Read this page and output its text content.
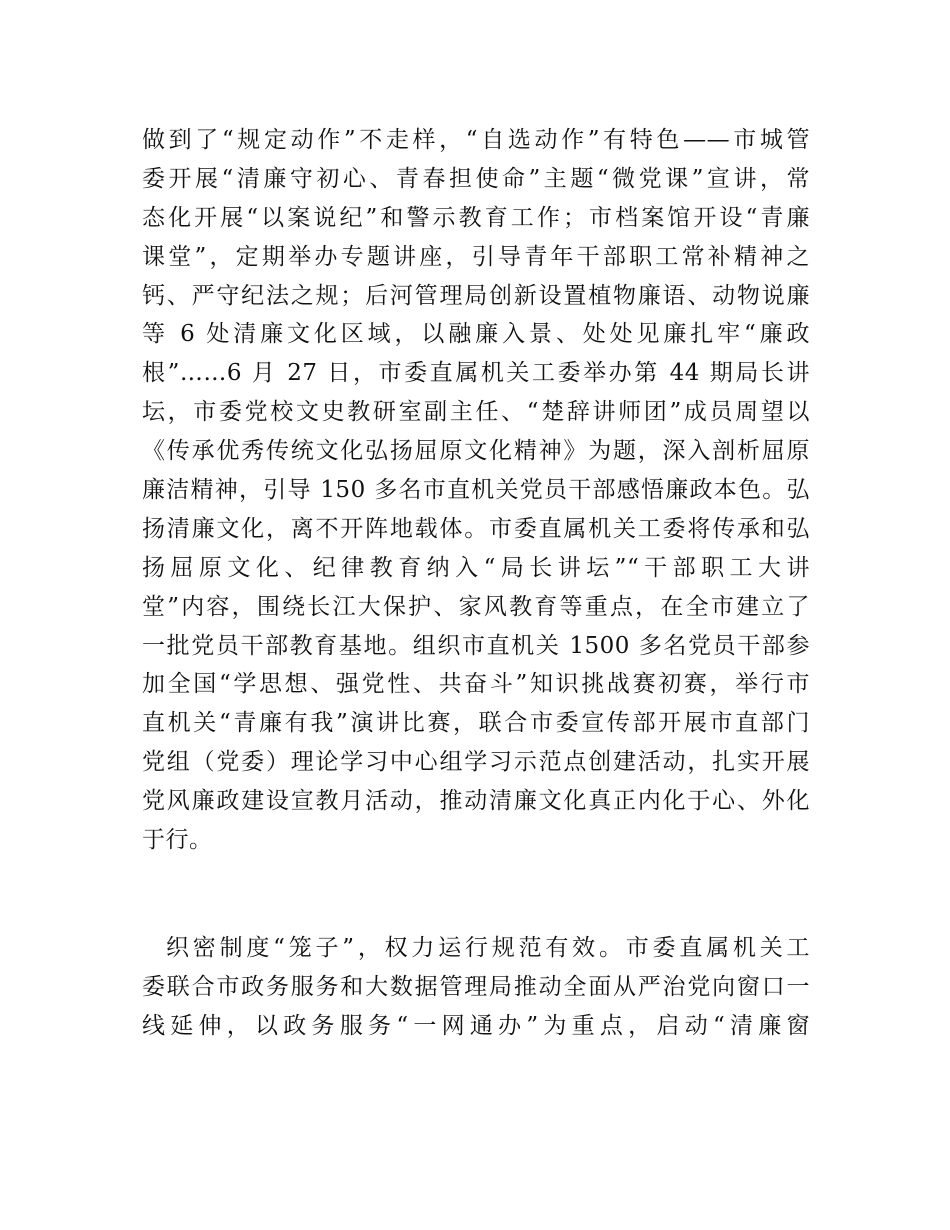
做到了“规定动作”不走样，“自选动作”有特色——市城管
委开展“清廉守初心、青春担使命”主题“微党课”宣讲，常
态化开展“以案说纪”和警示教育工作；市档案馆开设“青廉
课堂”，定期举办专题讲座，引导青年干部职工常补精神之
钙、严守纪法之规；后河管理局创新设置植物廉语、动物说廉
等 6 处清廉文化区域，以融廉入景、处处见廉扎牢“廉政
根”……6 月 27 日，市委直属机关工委举办第 44 期局长讲
坛，市委党校文史教研室副主任、“楚辞讲师团”成员周望以
《传承优秀传统文化弘扬屈原文化精神》为题，深入剖析屈原
廉洁精神，引导 150 多名市直机关党员干部感悟廉政本色。弘
扬清廉文化，离不开阵地载体。市委直属机关工委将传承和弘
扬屈原文化、纪律教育纳入“局长讲坛”“干部职工大讲
堂”内容，围绕长江大保护、家风教育等重点，在全市建立了
一批党员干部教育基地。组织市直机关 1500 多名党员干部参
加全国“学思想、强党性、共奋斗”知识挑战赛初赛，举行市
直机关“青廉有我”演讲比赛，联合市委宣传部开展市直部门
党组（党委）理论学习中心组学习示范点创建活动，扎实开展
党风廉政建设宣教月活动，推动清廉文化真正内化于心、外化
于行。
织密制度“笼子”，权力运行规范有效。市委直属机关工
委联合市政务服务和大数据管理局推动全面从严治党向窗口一
线延伸，以政务服务“一网通办”为重点，启动“清廉窗
